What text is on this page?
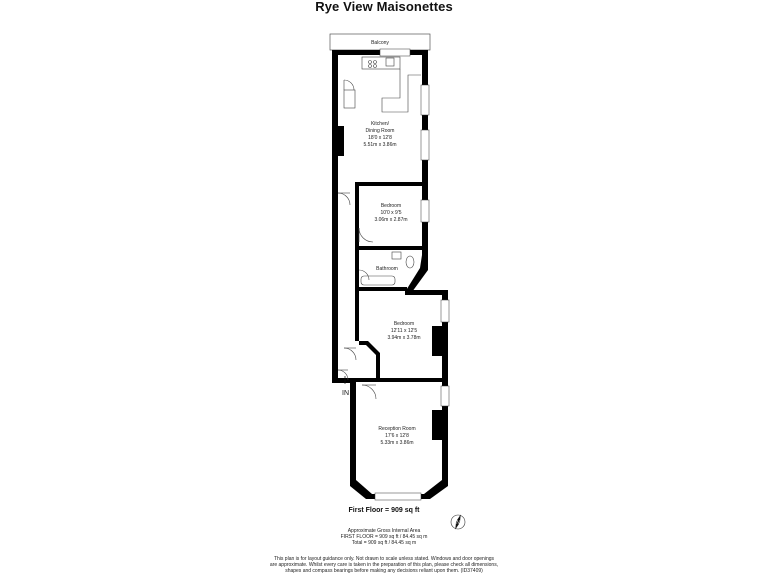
Rye View Maisonettes
Balcony
IN
Kitchen/
Dining Room
18'0 x 12'8
5.51m x 3.86m
Bedroom
10'0 x 9'5
3.06m x 2.87m
Bathroom
Bedroom
12'11 x 12'5
3.94m x 3.78m
Reception Room
17'6 x 12'8
5.33m x 3.86m
First Floor = 909 sq ft
Approximate Gross Internal Area
FIRST FLOOR = 909 sq ft / 84.45 sq m
Total = 909 sq ft / 84.45 sq m
N
This plan is for layout guidance only. Not drawn to scale unless stated. Windows and door openings
are approximate. Whilst every care is taken in the preparation of this plan, please check all dimensions,
shapes and compass bearings before making any decisions reliant upon them. (ID37409)
